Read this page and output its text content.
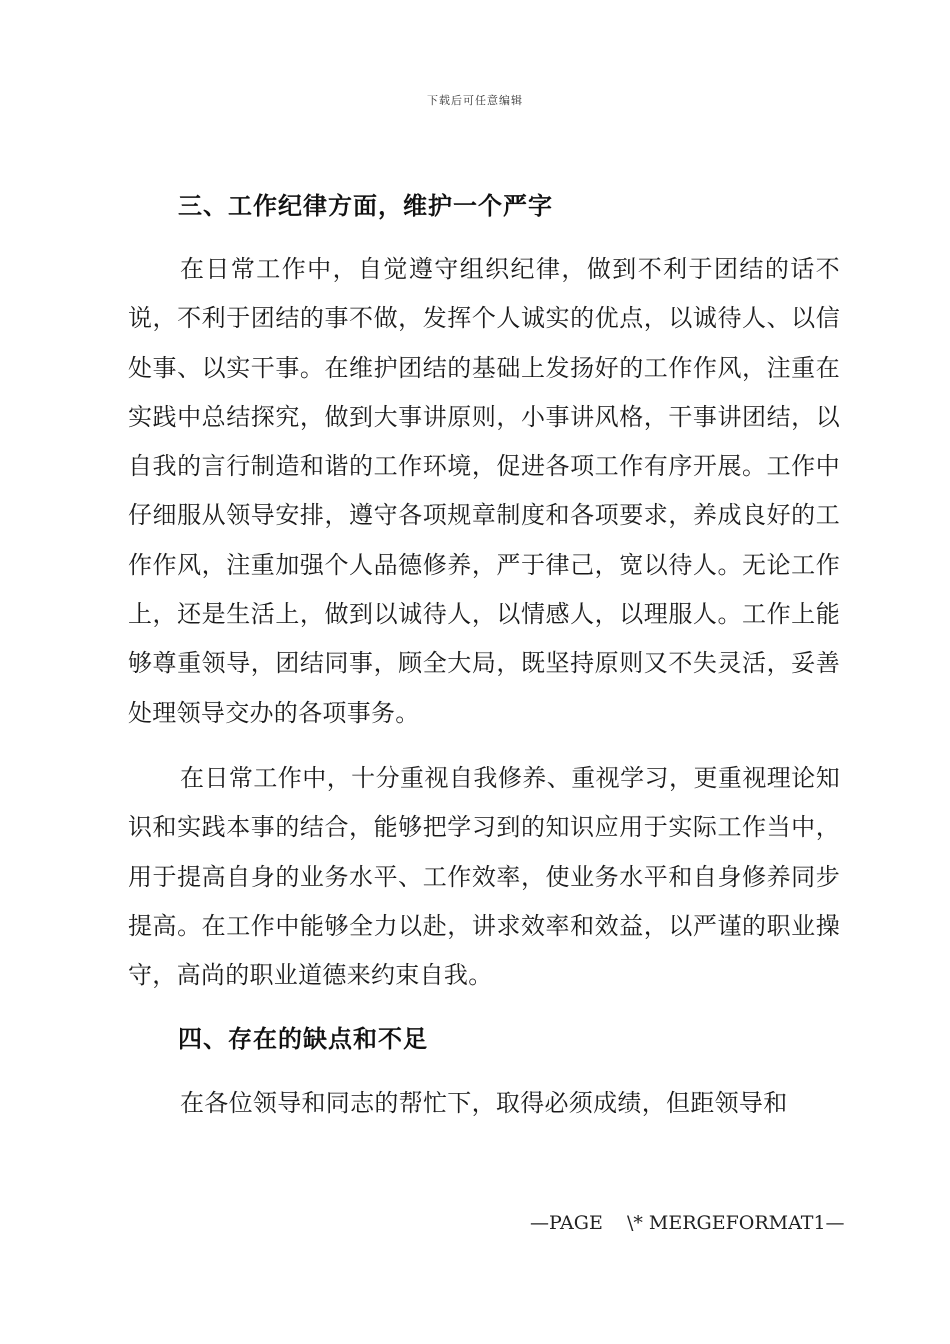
下载后可任意编辑
三、工作纪律方面，维护一个严字

在日常工作中，自觉遵守组织纪律，做到不利于团结的话不说，不利于团结的事不做，发挥个人诚实的优点，以诚待人、以信处事、以实干事。在维护团结的基础上发扬好的工作作风，注重在实践中总结探究，做到大事讲原则，小事讲风格，干事讲团结，以自我的言行制造和谐的工作环境，促进各项工作有序开展。工作中仔细服从领导安排，遵守各项规章制度和各项要求，养成良好的工作作风，注重加强个人品德修养，严于律己，宽以待人。无论工作上，还是生活上，做到以诚待人，以情感人，以理服人。工作上能够尊重领导，团结同事，顾全大局，既坚持原则又不失灵活，妥善处理领导交办的各项事务。

在日常工作中，十分重视自我修养、重视学习，更重视理论知识和实践本事的结合，能够把学习到的知识应用于实际工作当中，用于提高自身的业务水平、工作效率，使业务水平和自身修养同步提高。在工作中能够全力以赴，讲求效率和效益，以严谨的职业操守，高尚的职业道德来约束自我。

四、存在的缺点和不足

在各位领导和同志的帮忙下，取得必须成绩，但距领导和

—PAGE    \* MERGEFORMAT1—
